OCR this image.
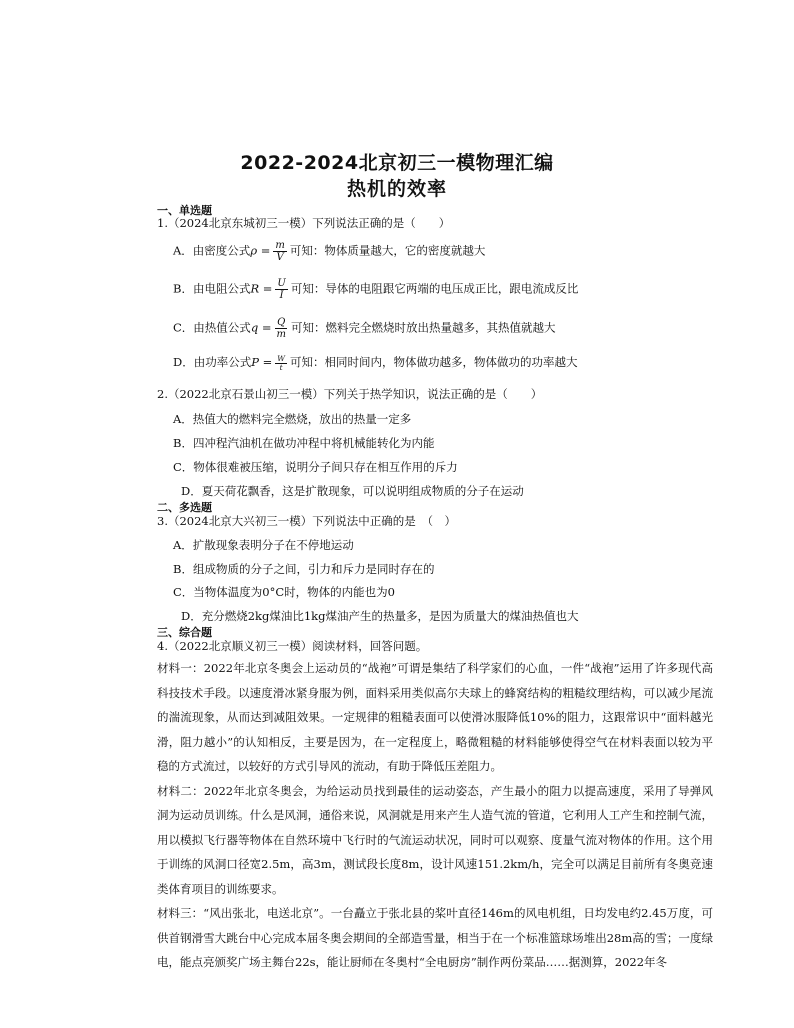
2022-2024北京初三一模物理汇编
热机的效率
一、单选题
1.（2024北京东城初三一模）下列说法正确的是（　　）
A．由密度公式$\rho = \frac{m}{V}$ 可知：物体质量越大，它的密度就越大
B．由电阻公式$R = \frac{U}{I}$ 可知：导体的电阻跟它两端的电压成正比，跟电流成反比
C．由热值公式$q = \frac{Q}{m}$ 可知：燃料完全燃烧时放出热量越多，其热值就越大
D．由功率公式$P = \frac{W}{t}$ 可知：相同时间内，物体做功越多，物体做功的功率越大
2.（2022北京石景山初三一模）下列关于热学知识，说法正确的是（　　）
A．热值大的燃料完全燃烧，放出的热量一定多
B．四冲程汽油机在做功冲程中将机械能转化为内能
C．物体很难被压缩，说明分子间只存在相互作用的斥力
D．夏天荷花飘香，这是扩散现象，可以说明组成物质的分子在运动
二、多选题
3.（2024北京大兴初三一模）下列说法中正确的是　（　）
A．扩散现象表明分子在不停地运动
B．组成物质的分子之间，引力和斥力是同时存在的
C．当物体温度为0°C时，物体的内能也为0
D．充分燃烧2kg煤油比1kg煤油产生的热量多，是因为质量大的煤油热值也大
三、综合题
4.（2022北京顺义初三一模）阅读材料，回答问题。

材料一：2022年北京冬奥会上运动员的“战袍”可谓是集结了科学家们的心血，一件“战袍”运用了许多现代高科技技术手段。以速度滑冰紧身服为例，面料采用类似高尔夫球上的蜂窝结构的粗糙纹理结构，可以减少尾流的湍流现象，从而达到减阻效果。一定规律的粗糙表面可以使滑冰服降低10%的阻力，这跟常识中“面料越光滑，阻力越小”的认知相反，主要是因为，在一定程度上，略微粗糙的材料能够使得空气在材料表面以较为平稳的方式流过，以较好的方式引导风的流动，有助于降低压差阻力。

材料二：2022年北京冬奥会，为给运动员找到最佳的运动姿态，产生最小的阻力以提高速度，采用了导弹风洞为运动员训练。什么是风洞，通俗来说，风洞就是用来产生人造气流的管道，它利用人工产生和控制气流，用以模拟飞行器等物体在自然环境中飞行时的气流运动状况，同时可以观察、度量气流对物体的作用。这个用于训练的风洞口径宽2.5m，高3m，测试段长度8m，设计风速151.2km/h，完全可以满足目前所有冬奥竞速类体育项目的训练要求。

材料三：“风出张北，电送北京”。一台矗立于张北县的桨叶直径146m的风电机组，日均发电约2.45万度，可供首钢滑雪大跳台中心完成本届冬奥会期间的全部造雪量，相当于在一个标准篮球场堆出28m高的雪；一度绿电，能点亮颁奖广场主舞台22s，能让厨师在冬奥村“全电厨房”制作两份菜品……据测算，2022年冬
